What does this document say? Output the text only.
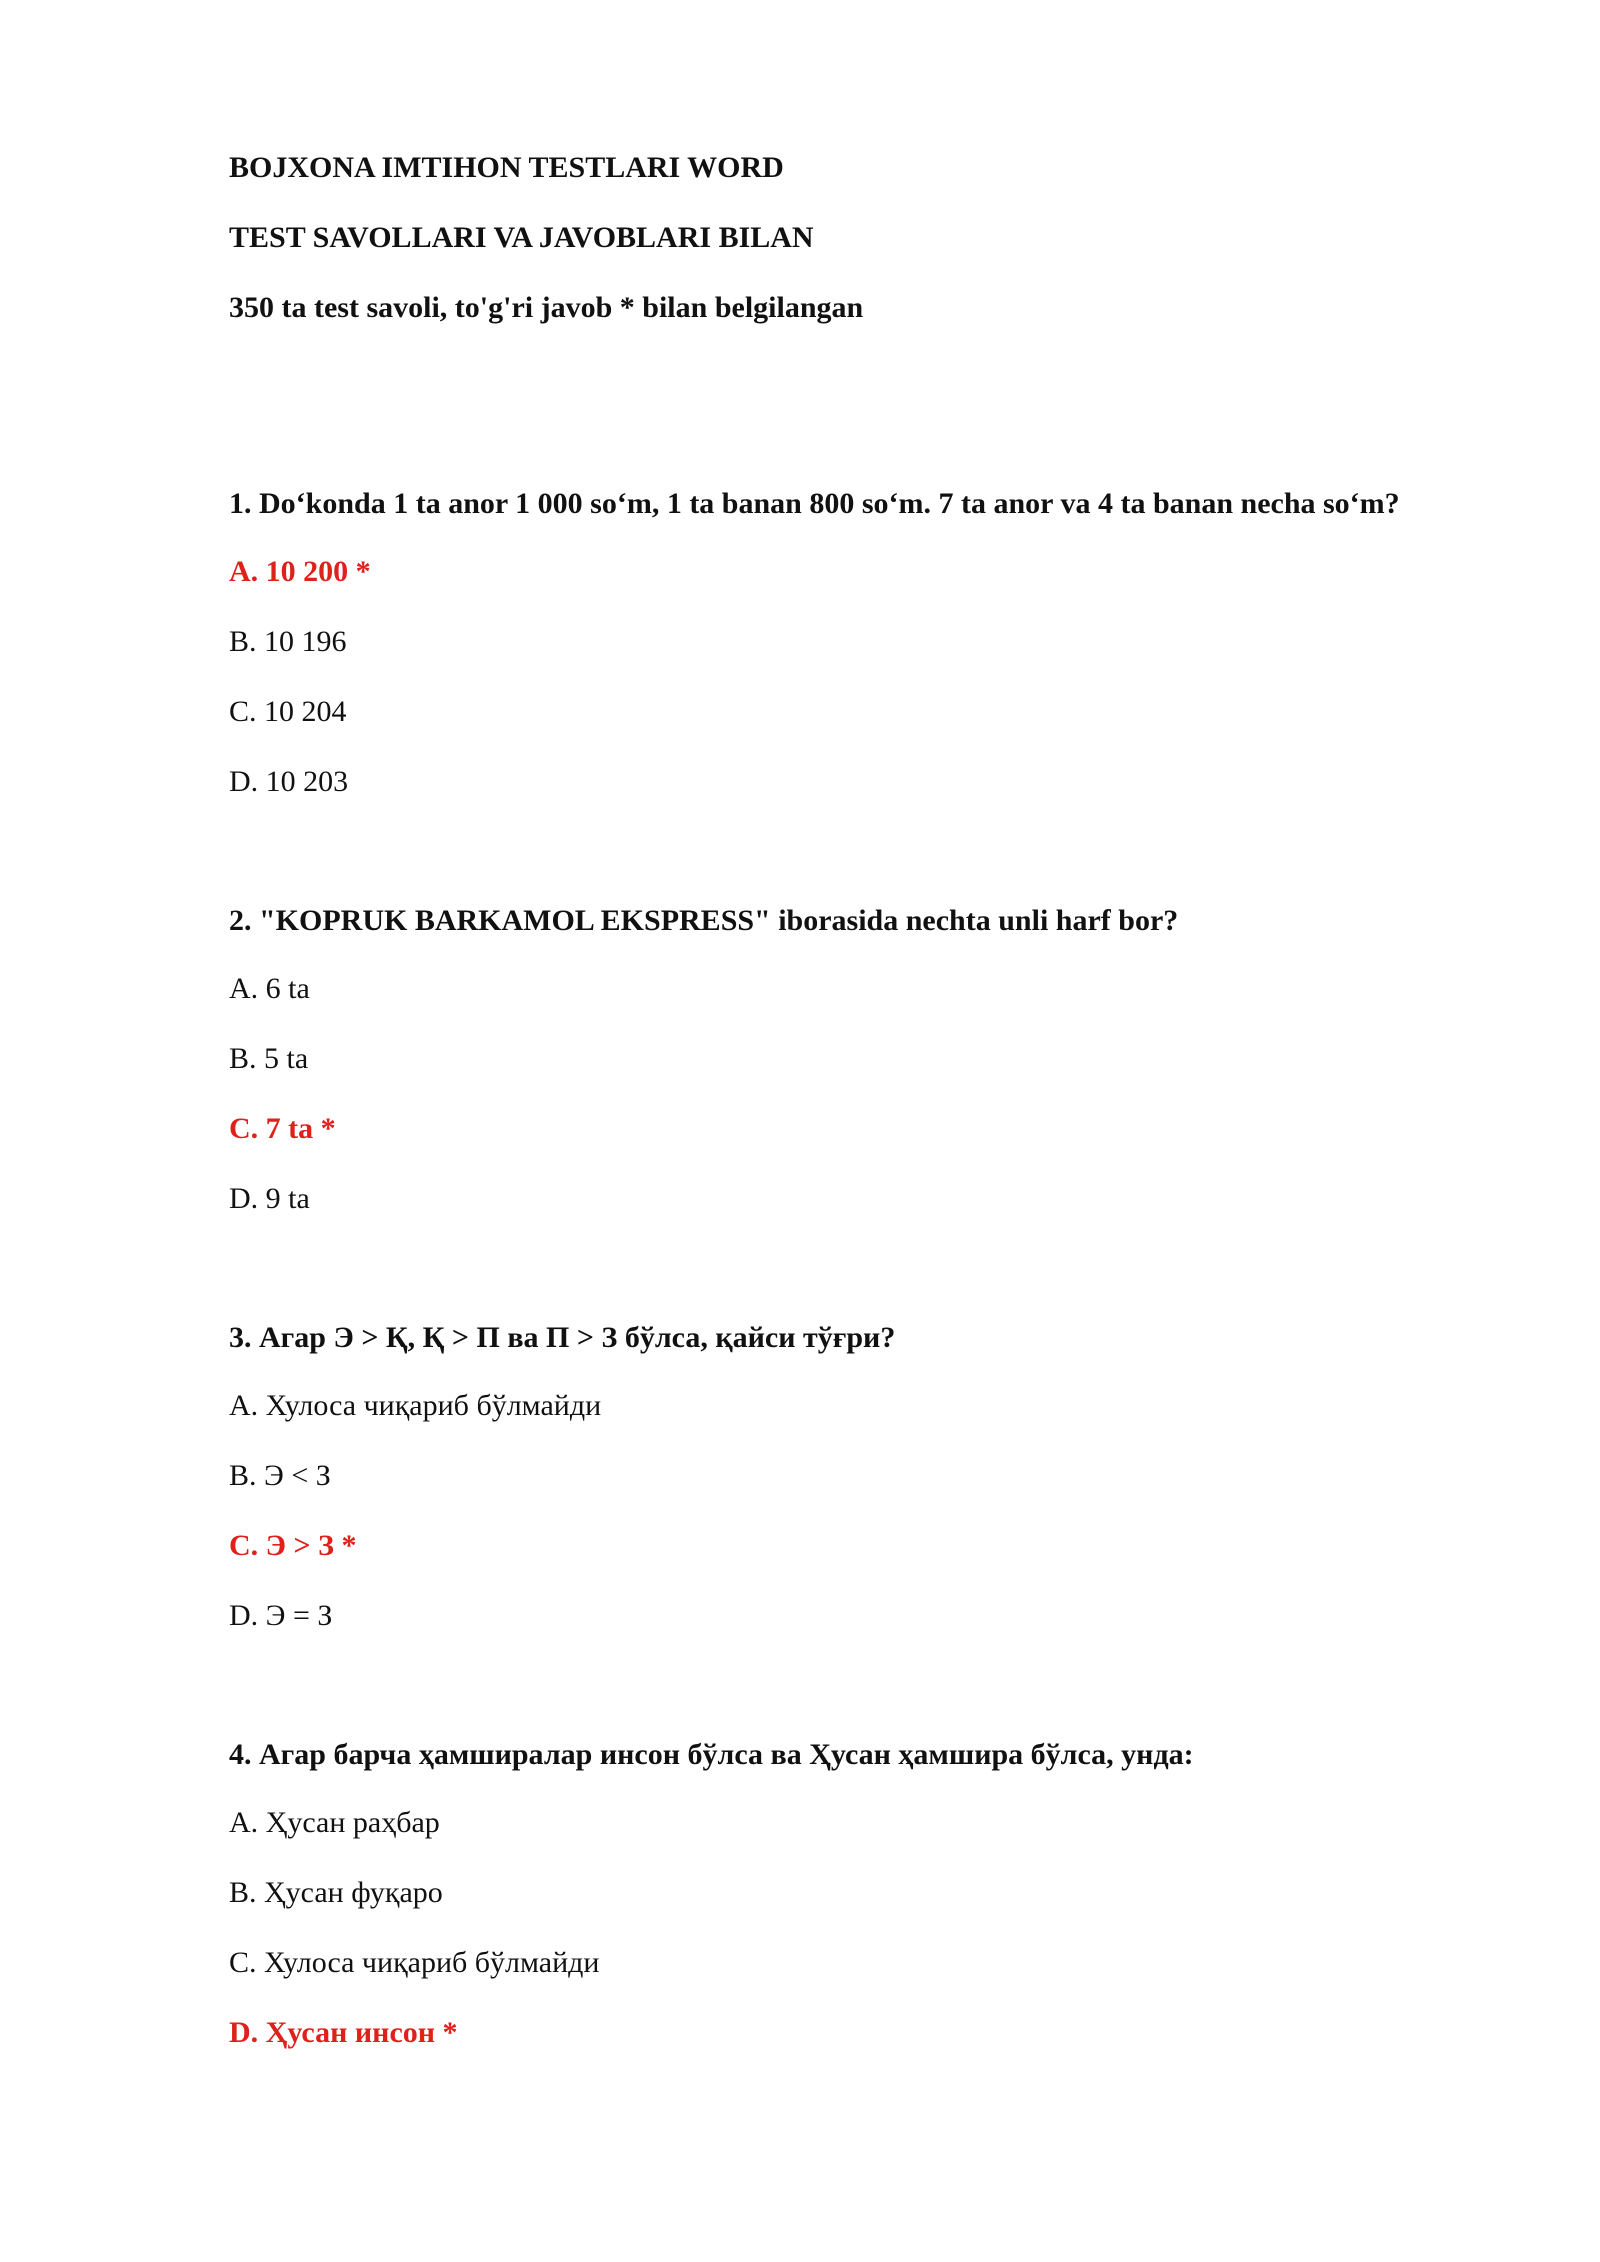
BOJXONA IMTIHON TESTLARI WORD
TEST SAVOLLARI VA JAVOBLARI BILAN
350 ta test savoli, to'g'ri javob * bilan belgilangan
1. Do‘konda 1 ta anor 1 000 so‘m, 1 ta banan 800 so‘m. 7 ta anor va 4 ta banan necha so‘m?
A. 10 200 *
B. 10 196
C. 10 204
D. 10 203
2. "KOPRUK BARKAMOL EKSPRESS" iborasida nechta unli harf bor?
A. 6 ta
B. 5 ta
C. 7 ta *
D. 9 ta
3. Агар Э > Қ, Қ > П ва П > З бўлса, қайси тўғри?
A. Хулоса чиқариб бўлмайди
B. Э < З
C. Э > З *
D. Э = З
4. Агар барча ҳамширалар инсон бўлса ва Ҳусан ҳамшира бўлса, унда:
A. Ҳусан раҳбар
B. Ҳусан фуқаро
C. Хулоса чиқариб бўлмайди
D. Ҳусан инсон *
